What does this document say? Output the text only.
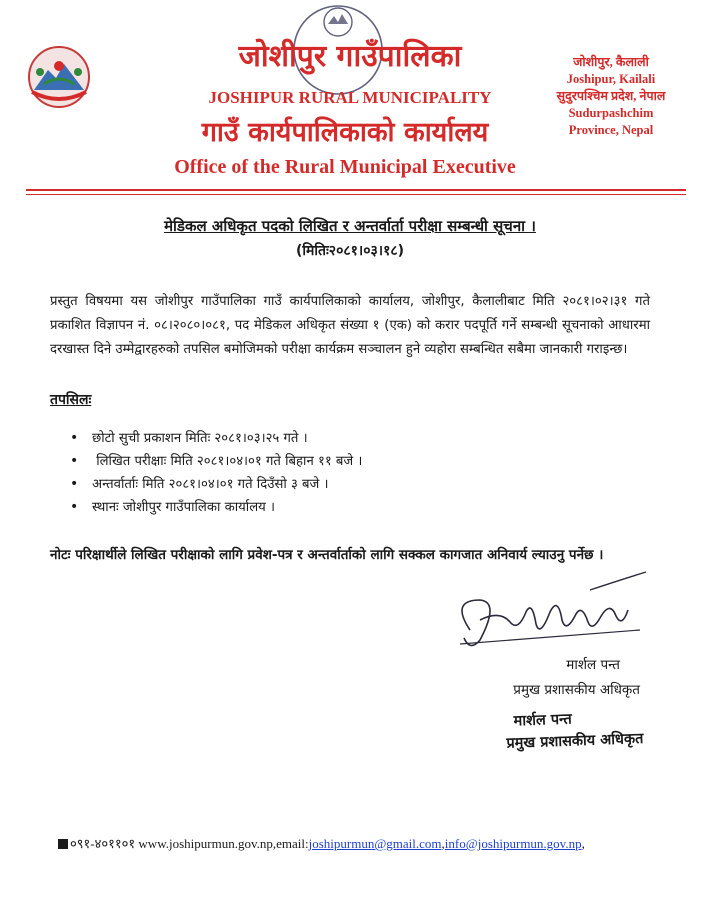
जोशीपुर गाउँपालिका
JOSHIPUR RURAL MUNICIPALITY
गाउँ कार्यपालिकाको कार्यालय
Office of the Rural Municipal Executive
जोशीपुर, कैलाली
Joshipur, Kailali
सुदुरपश्चिम प्रदेश, नेपाल
Sudurpashchim
Province, Nepal
मेडिकल अधिकृत पदको लिखित र अन्तर्वार्ता परीक्षा सम्बन्धी सूचना ।
(मितिः२०८१।०३।१८)
प्रस्तुत विषयमा यस जोशीपुर गाउँपालिका गाउँ कार्यपालिकाको कार्यालय, जोशीपुर, कैलालीबाट मिति २०८१।०२।३१ गते प्रकाशित विज्ञापन नं. ०८।२०८०।०८१, पद मेडिकल अधिकृत संख्या १ (एक) को करार पदपूर्ति गर्ने सम्बन्धी सूचनाको आधारमा दरखास्त दिने उम्मेद्वारहरुको तपसिल बमोजिमको परीक्षा कार्यक्रम सञ्चालन हुने व्यहोरा सम्बन्धित सबैमा जानकारी गराइन्छ।
तपसिलः
• छोटो सुची प्रकाशन मितिः २०८१।०३।२५ गते ।
• लिखित परीक्षाः मिति २०८१।०४।०१ गते बिहान ११ बजे ।
• अन्तर्वार्ताः मिति २०८१।०४।०१ गते दिउँसो ३ बजे ।
• स्थानः जोशीपुर गाउँपालिका कार्यालय ।
नोटः परिक्षार्थीले लिखित परीक्षाको लागि प्रवेश-पत्र र अन्तर्वार्ताको लागि सक्कल कागजात अनिवार्य ल्याउनु पर्नेछ ।
मार्शल पन्त
प्रमुख प्रशासकीय अधिकृत
मार्शल पन्त
प्रमुख प्रशासकीय अधिकृत
०९१-४०११०१ www.joshipurmun.gov.np,email:joshipurmun@gmail.com,info@joshipurmun.gov.np,
